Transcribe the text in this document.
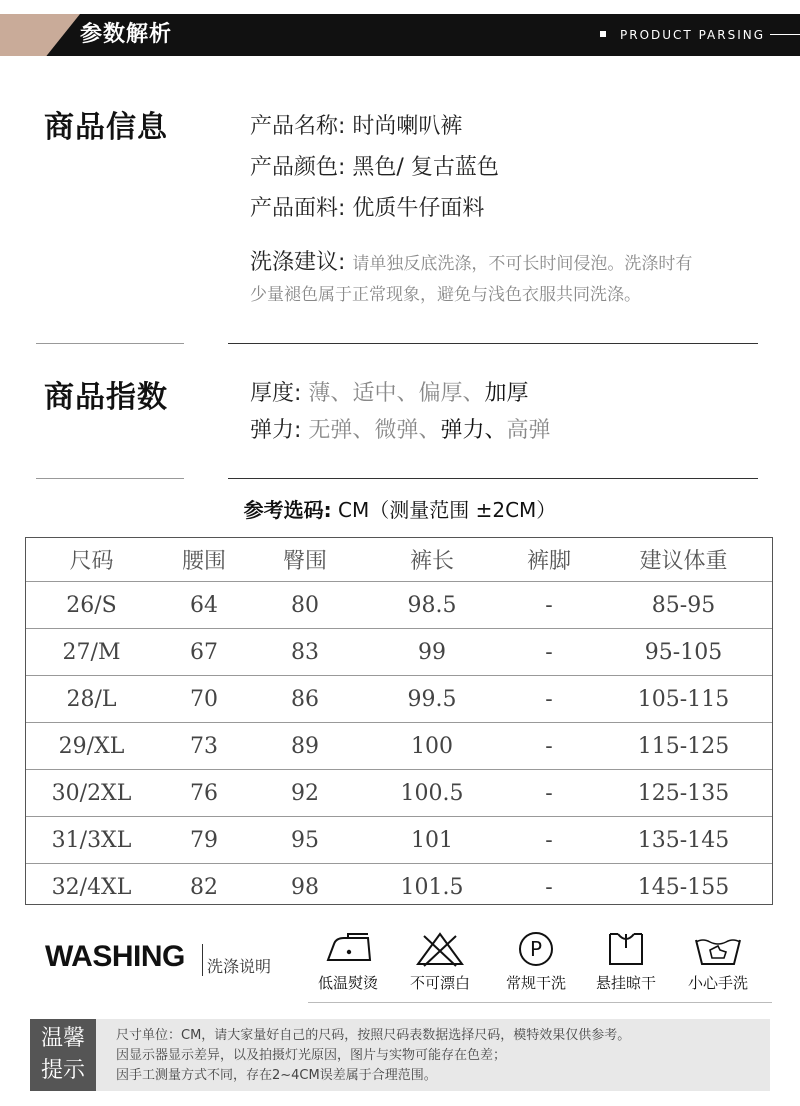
参数解析	PRODUCT PARSING
商品信息	产品名称: 时尚喇叭裤
产品颜色: 黑色/ 复古蓝色
产品面料: 优质牛仔面料
洗涤建议: 请单独反底洗涤，不可长时间侵泡。洗涤时有
少量褪色属于正常现象，避免与浅色衣服共同洗涤。
商品指数	厚度: 薄、适中、偏厚、加厚
弹力: 无弹、微弹、弹力、高弹
参考选码: CM（测量范围 ±2CM）
尺码	腰围	臀围	裤长	裤脚	建议体重
26/S	64	80	98.5	-	85-95
27/M	67	83	99	-	95-105
28/L	70	86	99.5	-	105-115
29/XL	73	89	100	-	115-125
30/2XL	76	92	100.5	-	125-135
31/3XL	79	95	101	-	135-145
32/4XL	82	98	101.5	-	145-155
WASHING 洗涤说明
低温熨烫	不可漂白
P
常规干洗	悬挂晾干	小心手洗
温馨
提示
尺寸单位：CM，请大家量好自己的尺码，按照尺码表数据选择尺码，模特效果仅供参考。
因显示器显示差异，以及拍摄灯光原因，图片与实物可能存在色差；
因手工测量方式不同，存在2~4CM误差属于合理范围。
